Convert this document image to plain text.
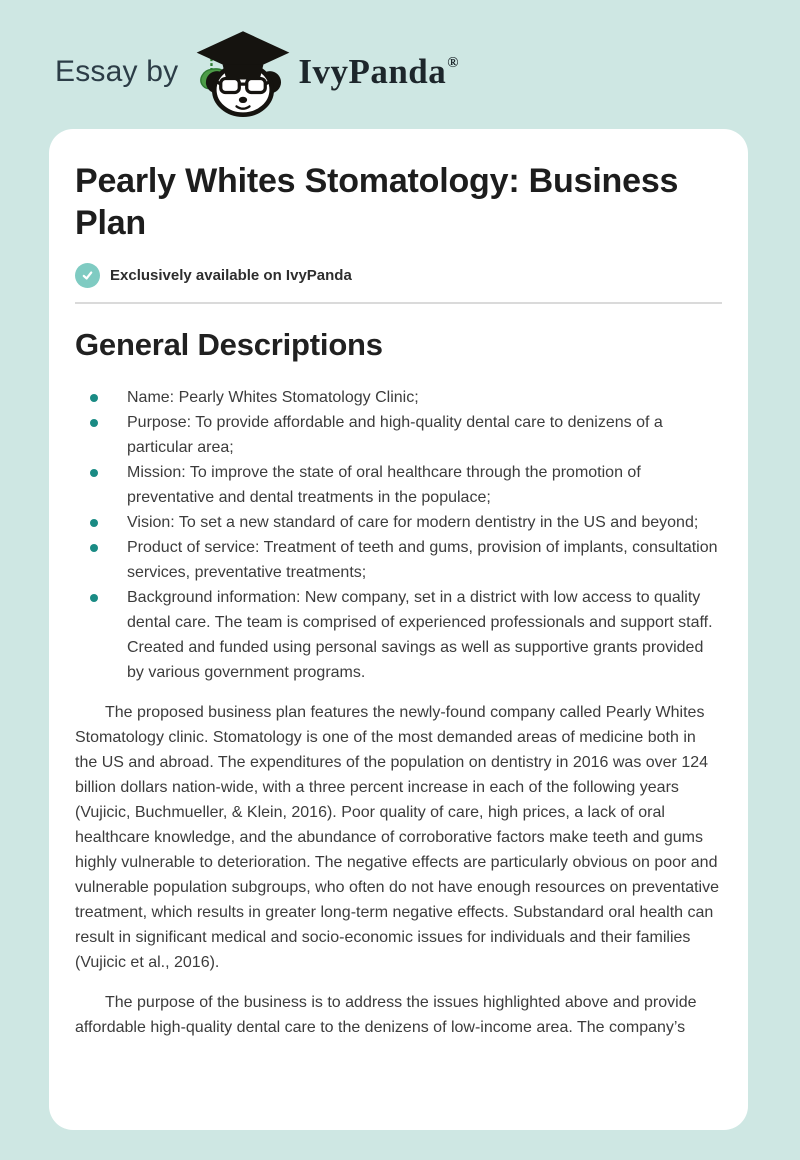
Essay by	IvyPanda®
Pearly Whites Stomatology: Business Plan
Exclusively available on IvyPanda
General Descriptions
Name: Pearly Whites Stomatology Clinic;
Purpose: To provide affordable and high-quality dental care to denizens of a particular area;
Mission: To improve the state of oral healthcare through the promotion of preventative and dental treatments in the populace;
Vision: To set a new standard of care for modern dentistry in the US and beyond;
Product of service: Treatment of teeth and gums, provision of implants, consultation services, preventative treatments;
Background information: New company, set in a district with low access to quality dental care. The team is comprised of experienced professionals and support staff. Created and funded using personal savings as well as supportive grants provided by various government programs.

The proposed business plan features the newly-found company called Pearly Whites Stomatology clinic. Stomatology is one of the most demanded areas of medicine both in the US and abroad. The expenditures of the population on dentistry in 2016 was over 124 billion dollars nation-wide, with a three percent increase in each of the following years (Vujicic, Buchmueller, & Klein, 2016). Poor quality of care, high prices, a lack of oral healthcare knowledge, and the abundance of corroborative factors make teeth and gums highly vulnerable to deterioration. The negative effects are particularly obvious on poor and vulnerable population subgroups, who often do not have enough resources on preventative treatment, which results in greater long-term negative effects. Substandard oral health can result in significant medical and socio-economic issues for individuals and their families (Vujicic et al., 2016).

The purpose of the business is to address the issues highlighted above and provide affordable high-quality dental care to the denizens of low-income area. The company’s
